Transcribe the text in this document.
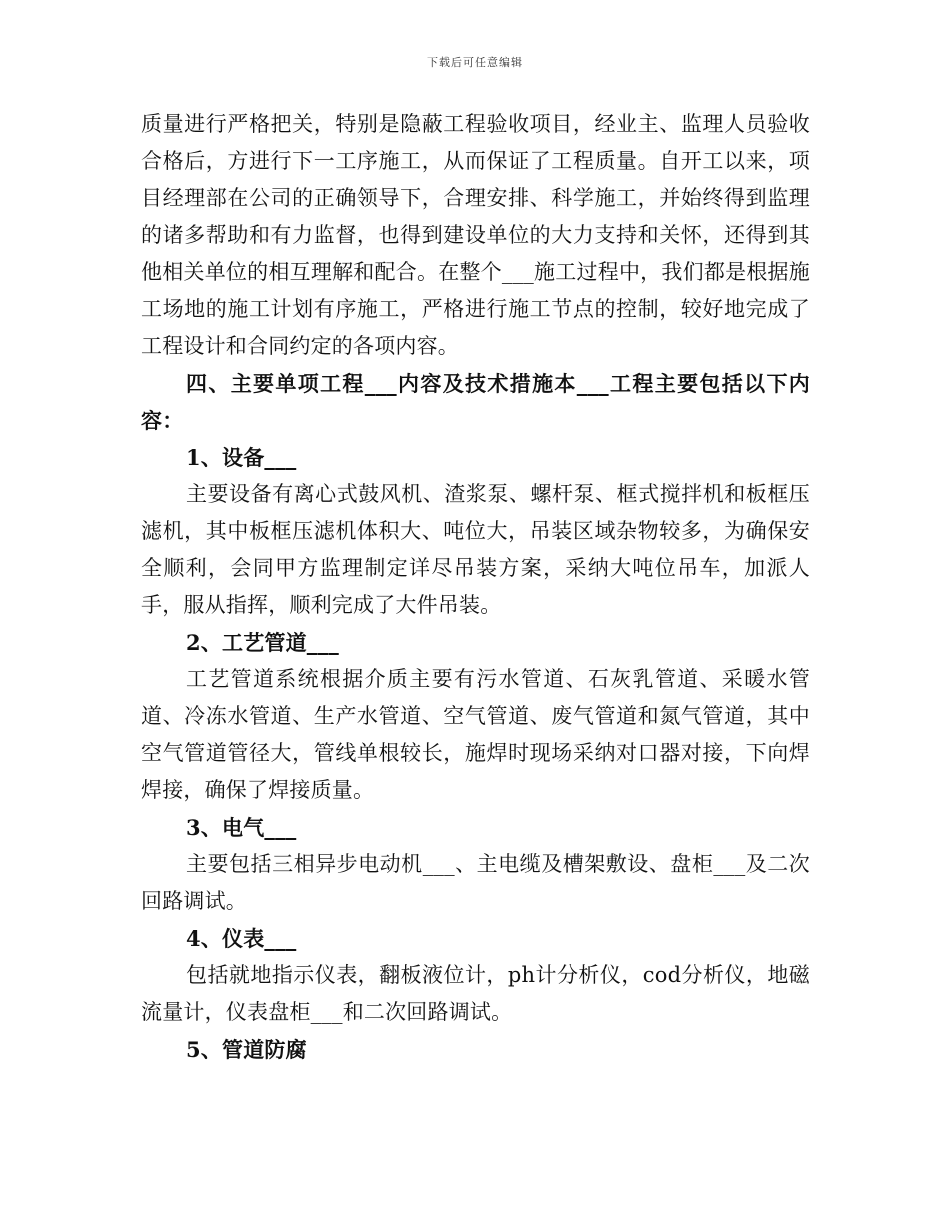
下载后可任意编辑

质量进行严格把关，特别是隐蔽工程验收项目，经业主、监理人员验收合格后，方进行下一工序施工，从而保证了工程质量。自开工以来，项目经理部在公司的正确领导下，合理安排、科学施工，并始终得到监理的诸多帮助和有力监督，也得到建设单位的大力支持和关怀，还得到其他相关单位的相互理解和配合。在整个___施工过程中，我们都是根据施工场地的施工计划有序施工，严格进行施工节点的控制，较好地完成了工程设计和合同约定的各项内容。

四、主要单项工程___内容及技术措施本___工程主要包括以下内容：

1、设备___

主要设备有离心式鼓风机、渣浆泵、螺杆泵、框式搅拌机和板框压滤机，其中板框压滤机体积大、吨位大，吊装区域杂物较多，为确保安全顺利，会同甲方监理制定详尽吊装方案，采纳大吨位吊车，加派人手，服从指挥，顺利完成了大件吊装。

2、工艺管道___

工艺管道系统根据介质主要有污水管道、石灰乳管道、采暖水管道、冷冻水管道、生产水管道、空气管道、废气管道和氮气管道，其中空气管道管径大，管线单根较长，施焊时现场采纳对口器对接，下向焊焊接，确保了焊接质量。

3、电气___

主要包括三相异步电动机___、主电缆及槽架敷设、盘柜___及二次回路调试。

4、仪表___

包括就地指示仪表，翻板液位计，ph计分析仪，cod分析仪，地磁流量计，仪表盘柜___和二次回路调试。

5、管道防腐
